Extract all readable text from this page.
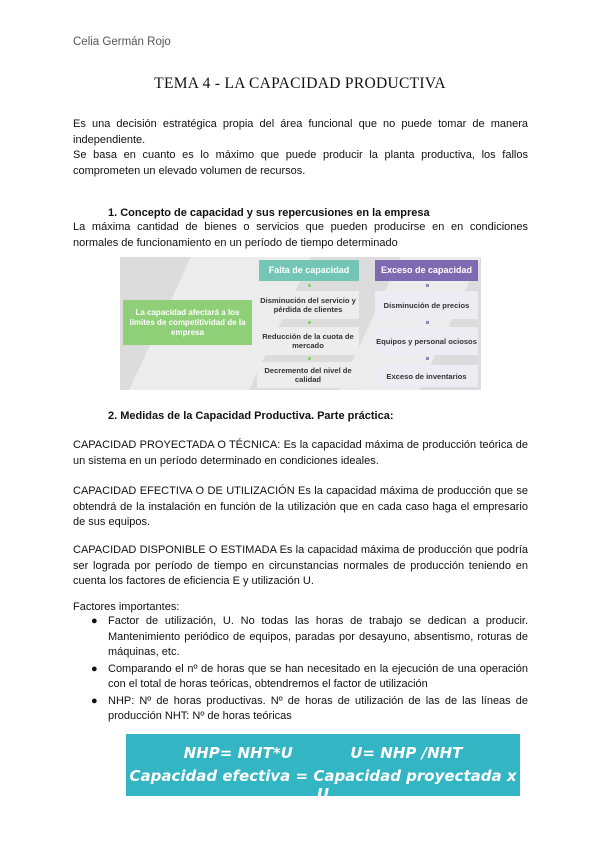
Celia Germán Rojo
TEMA 4 - LA CAPACIDAD PRODUCTIVA
Es una decisión estratégica propia del área funcional que no puede tomar de manera independiente.
Se basa en cuanto es lo máximo que puede producir la planta productiva, los fallos comprometen un elevado volumen de recursos.
1. Concepto de capacidad y sus repercusiones en la empresa
La máxima cantidad de bienes o servicios que pueden producirse en en condiciones normales de funcionamiento en un período de tiempo determinado
La capacidad afectará a los límites de competitividad de la empresa
Falta de capacidad
Disminución del servicio y pérdida de clientes
Reducción de la cuota de mercado
Decremento del nivel de calidad
Exceso de capacidad
Disminución de precios
Equipos y personal ociosos
Exceso de inventarios
2. Medidas de la Capacidad Productiva. Parte práctica:
CAPACIDAD PROYECTADA O TÉCNICA: Es la capacidad máxima de producción teórica de un sistema en un período determinado en condiciones ideales.
CAPACIDAD EFECTIVA O DE UTILIZACIÓN Es la capacidad máxima de producción que se obtendrá de la instalación en función de la utilización que en cada caso haga el empresario de sus equipos.
CAPACIDAD DISPONIBLE O ESTIMADA Es la capacidad máxima de producción que podría ser lograda por período de tiempo en circunstancias normales de producción teniendo en cuenta los factores de eficiencia E y utilización U.
Factores importantes:
● Factor de utilización, U. No todas las horas de trabajo se dedican a producir. Mantenimiento periódico de equipos, paradas por desayuno, absentismo, roturas de máquinas, etc.
● Comparando el nº de horas que se han necesitado en la ejecución de una operación con el total de horas teóricas, obtendremos el factor de utilización
● NHP: Nº de horas productivas. Nº de horas de utilización de las de las líneas de producción NHT: Nº de horas teóricas
NHP= NHT*U           U= NHP /NHT
Capacidad efectiva = Capacidad proyectada x U
